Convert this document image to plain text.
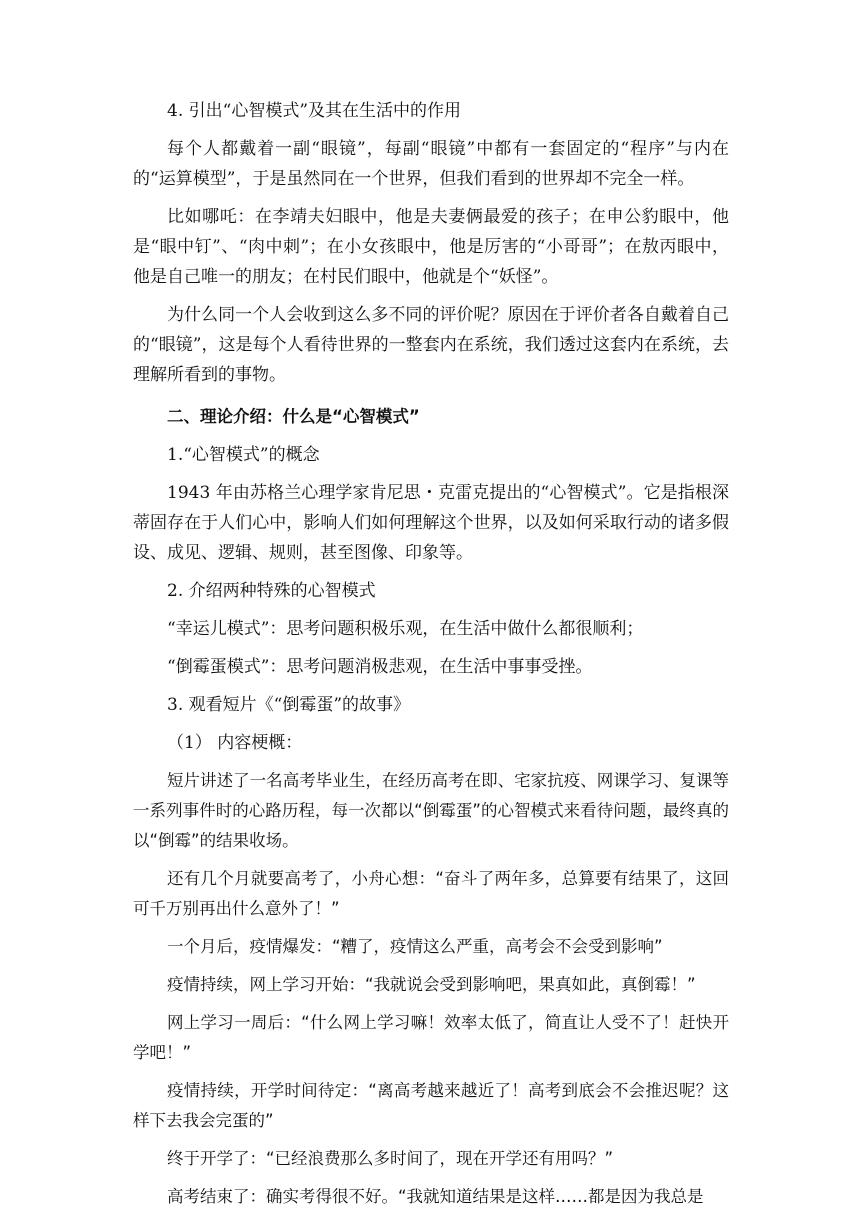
4. 引出“心智模式”及其在生活中的作用

每个人都戴着一副“眼镜”，每副“眼镜”中都有一套固定的“程序”与内在的“运算模型”，于是虽然同在一个世界，但我们看到的世界却不完全一样。

比如哪吒：在李靖夫妇眼中，他是夫妻俩最爱的孩子；在申公豹眼中，他是“眼中钉”、“肉中刺”；在小女孩眼中，他是厉害的“小哥哥”；在敖丙眼中，他是自己唯一的朋友；在村民们眼中，他就是个“妖怪”。

为什么同一个人会收到这么多不同的评价呢？原因在于评价者各自戴着自己的“眼镜”，这是每个人看待世界的一整套内在系统，我们透过这套内在系统，去理解所看到的事物。

二、理论介绍：什么是“心智模式”

1.“心智模式”的概念

1943 年由苏格兰心理学家肯尼思・克雷克提出的“心智模式”。它是指根深蒂固存在于人们心中，影响人们如何理解这个世界，以及如何采取行动的诸多假设、成见、逻辑、规则，甚至图像、印象等。

2. 介绍两种特殊的心智模式

“幸运儿模式”：思考问题积极乐观，在生活中做什么都很顺利；

“倒霉蛋模式”：思考问题消极悲观，在生活中事事受挫。

3. 观看短片《“倒霉蛋”的故事》

（1） 内容梗概：

短片讲述了一名高考毕业生，在经历高考在即、宅家抗疫、网课学习、复课等一系列事件时的心路历程，每一次都以“倒霉蛋”的心智模式来看待问题，最终真的以“倒霉”的结果收场。

还有几个月就要高考了，小舟心想：“奋斗了两年多，总算要有结果了，这回可千万别再出什么意外了！”

一个月后，疫情爆发：“糟了，疫情这么严重，高考会不会受到影响”

疫情持续，网上学习开始：“我就说会受到影响吧，果真如此，真倒霉！”

网上学习一周后：“什么网上学习嘛！效率太低了，简直让人受不了！赶快开学吧！”

疫情持续，开学时间待定：“离高考越来越近了！高考到底会不会推迟呢？这样下去我会完蛋的”

终于开学了：“已经浪费那么多时间了，现在开学还有用吗？”

高考结束了：确实考得很不好。“我就知道结果是这样……都是因为我总是
